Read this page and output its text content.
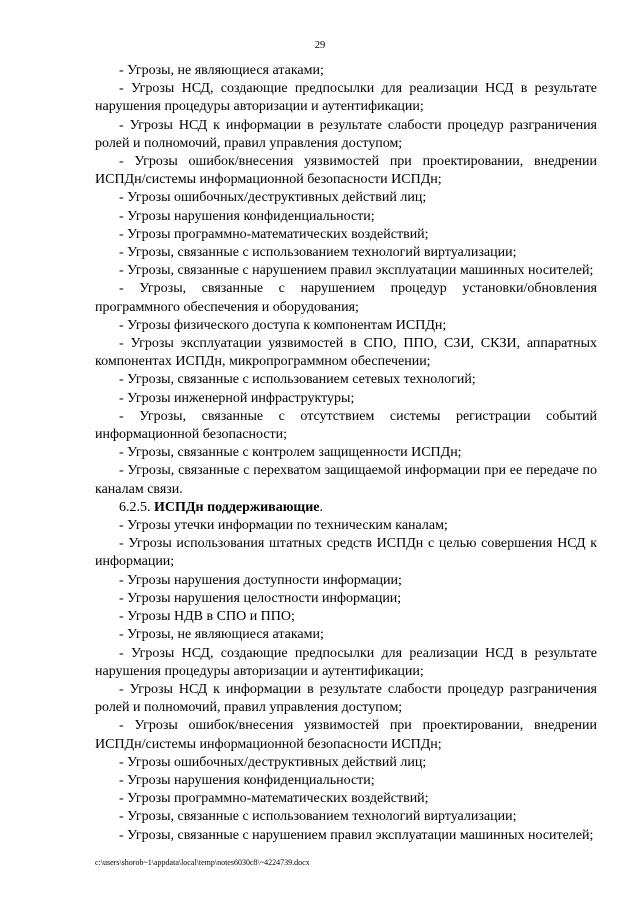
29

- Угрозы, не являющиеся атаками;

- Угрозы НСД, создающие предпосылки для реализации НСД в результате нарушения процедуры авторизации и аутентификации;

- Угрозы НСД к информации в результате слабости процедур разграничения ролей и полномочий, правил управления доступом;

- Угрозы ошибок/внесения уязвимостей при проектировании, внедрении ИСПДн/системы информационной безопасности ИСПДн;

- Угрозы ошибочных/деструктивных действий лиц;

- Угрозы нарушения конфиденциальности;

- Угрозы программно-математических воздействий;

- Угрозы, связанные с использованием технологий виртуализации;

- Угрозы, связанные с нарушением правил эксплуатации машинных носителей;

- Угрозы, связанные с нарушением процедур установки/обновления программного обеспечения и оборудования;

- Угрозы физического доступа к компонентам ИСПДн;

- Угрозы эксплуатации уязвимостей в СПО, ППО, СЗИ, СКЗИ, аппаратных компонентах ИСПДн, микропрограммном обеспечении;

- Угрозы, связанные с использованием сетевых технологий;

- Угрозы инженерной инфраструктуры;

- Угрозы, связанные с отсутствием системы регистрации событий информационной безопасности;

- Угрозы, связанные с контролем защищенности ИСПДн;

- Угрозы, связанные с перехватом защищаемой информации при ее передаче по каналам связи.

6.2.5. ИСПДн поддерживающие.

- Угрозы утечки информации по техническим каналам;

- Угрозы использования штатных средств ИСПДн с целью совершения НСД к информации;

- Угрозы нарушения доступности информации;

- Угрозы нарушения целостности информации;

- Угрозы НДВ в СПО и ППО;

- Угрозы, не являющиеся атаками;

- Угрозы НСД, создающие предпосылки для реализации НСД в результате нарушения процедуры авторизации и аутентификации;

- Угрозы НСД к информации в результате слабости процедур разграничения ролей и полномочий, правил управления доступом;

- Угрозы ошибок/внесения уязвимостей при проектировании, внедрении ИСПДн/системы информационной безопасности ИСПДн;

- Угрозы ошибочных/деструктивных действий лиц;

- Угрозы нарушения конфиденциальности;

- Угрозы программно-математических воздействий;

- Угрозы, связанные с использованием технологий виртуализации;

- Угрозы, связанные с нарушением правил эксплуатации машинных носителей;

c:\users\shorob~1\appdata\local\temp\notes6030c8\~4224739.docx
